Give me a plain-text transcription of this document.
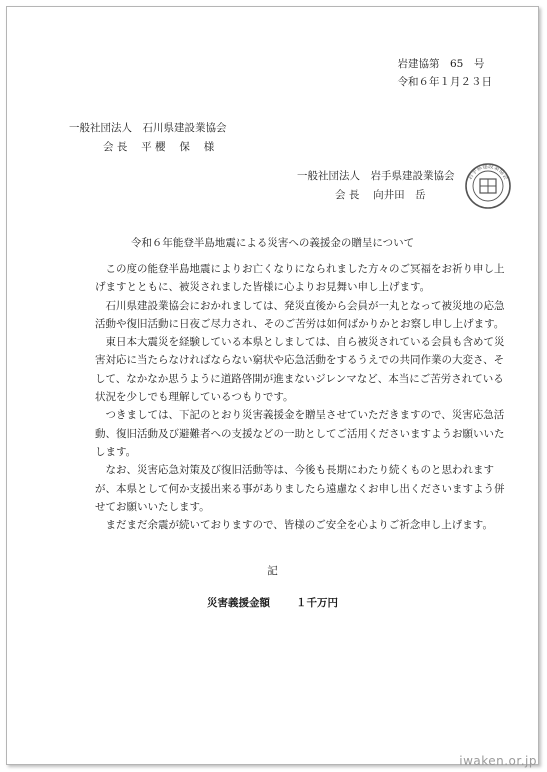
岩建協第　65　号
令和６年１月２３日
一般社団法人　石川県建設業協会
会 長　 平 櫻　 保　 様
一般社団法人　岩手県建設業協会
会 長　 向井田　岳
岩手県建設業協会
令和６年能登半島地震による災害への義援金の贈呈について

この度の能登半島地震によりお亡くなりになられました方々のご冥福をお祈り申し上げますとともに、被災されました皆様に心よりお見舞い申し上げます。

石川県建設業協会におかれましては、発災直後から会員が一丸となって被災地の応急活動や復旧活動に日夜ご尽力され、そのご苦労は如何ばかりかとお察し申し上げます。

東日本大震災を経験している本県としましては、自ら被災されている会員も含めて災害対応に当たらなければならない窮状や応急活動をするうえでの共同作業の大変さ、そして、なかなか思うように道路啓開が進まないジレンマなど、本当にご苦労されている状況を少しでも理解しているつもりです。

つきましては、下記のとおり災害義援金を贈呈させていただきますので、災害応急活動、復旧活動及び避難者への支援などの一助としてご活用くださいますようお願いいたします。

なお、災害応急対策及び復旧活動等は、今後も長期にわたり続くものと思われますが、本県として何か支援出来る事がありましたら遠慮なくお申し出くださいますよう併せてお願いいたします。

まだまだ余震が続いておりますので、皆様のご安全を心よりご祈念申し上げます。

記
災害義援金額 １千万円
iwaken.or.jp
